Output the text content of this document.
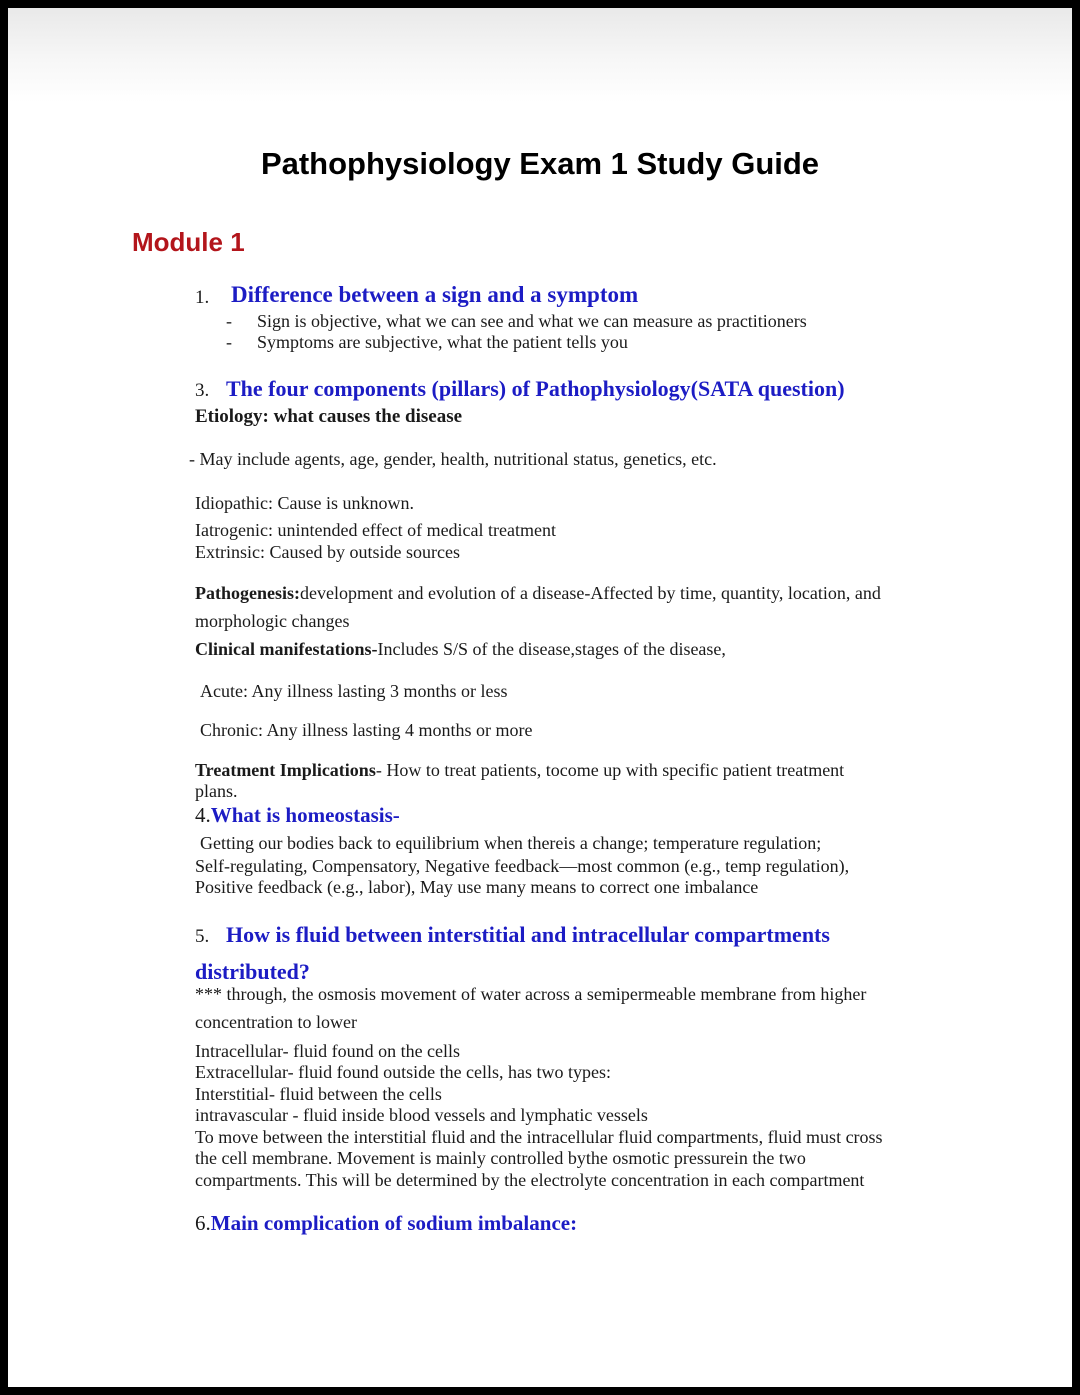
Pathophysiology Exam 1 Study Guide
Module 1
1. Difference between a sign and a symptom
- Sign is objective, what we can see and what we can measure as practitioners
- Symptoms are subjective, what the patient tells you
3. The four components (pillars) of Pathophysiology(SATA question)
Etiology: what causes the disease
- May include agents, age, gender, health, nutritional status, genetics, etc.
Idiopathic: Cause is unknown.
Iatrogenic: unintended effect of medical treatment
Extrinsic: Caused by outside sources
Pathogenesis:development and evolution of a disease-Affected by time, quantity, location, and
morphologic changes
Clinical manifestations-Includes S/S of the disease,stages of the disease,
Acute: Any illness lasting 3 months or less
Chronic: Any illness lasting 4 months or more
Treatment Implications- How to treat patients, tocome up with specific patient treatment
plans.
4.What is homeostasis-
Getting our bodies back to equilibrium when thereis a change; temperature regulation;
Self-regulating, Compensatory, Negative feedback—most common (e.g., temp regulation),
Positive feedback (e.g., labor), May use many means to correct one imbalance
5. How is fluid between interstitial and intracellular compartments
distributed?
*** through, the osmosis movement of water across a semipermeable membrane from higher
concentration to lower
Intracellular- fluid found on the cells
Extracellular- fluid found outside the cells, has two types:
Interstitial- fluid between the cells
intravascular - fluid inside blood vessels and lymphatic vessels
To move between the interstitial fluid and the intracellular fluid compartments, fluid must cross
the cell membrane. Movement is mainly controlled bythe osmotic pressurein the two
compartments. This will be determined by the electrolyte concentration in each compartment
6.Main complication of sodium imbalance:
